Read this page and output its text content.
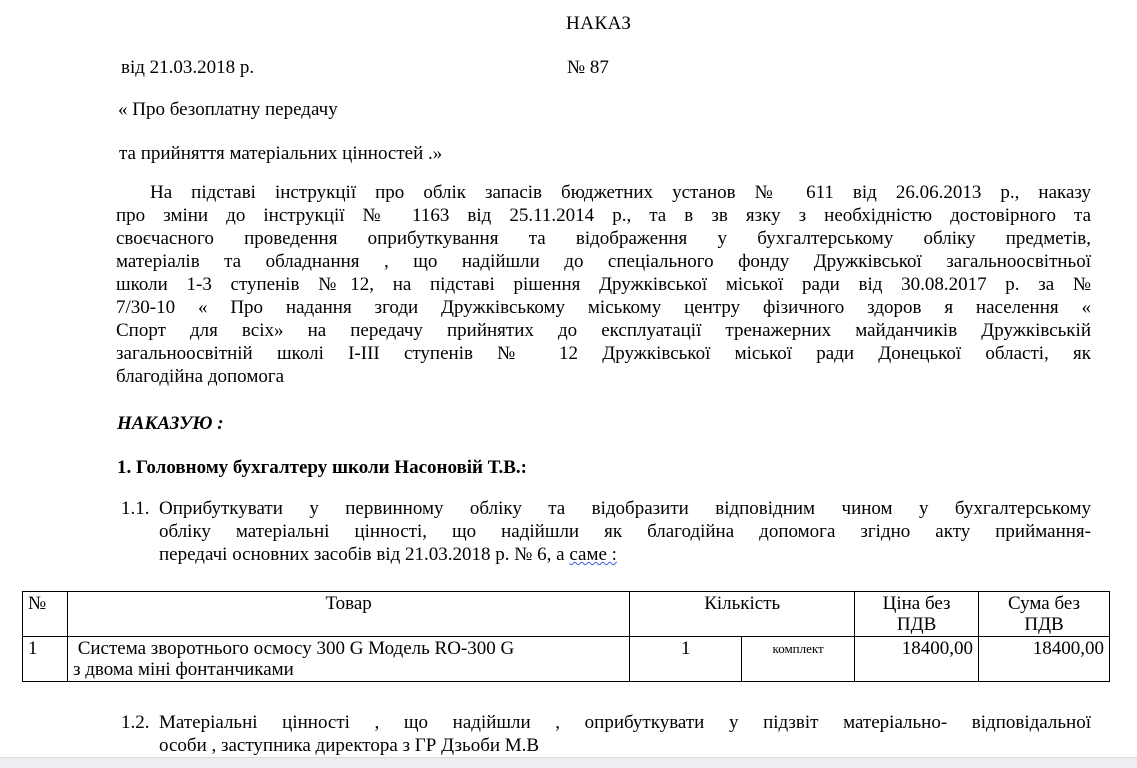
НАКАЗ
від 21.03.2018 р.	№ 87
« Про безоплатну передачу
та прийняття матеріальних цінностей .»
На підставі інструкції про облік запасів бюджетних установ № 611 від 26.06.2013 р., наказу
про зміни до інструкції № 1163 від 25.11.2014 р., та в зв язку з необхідністю достовірного та
своєчасного проведення оприбуткування та відображення у бухгалтерському обліку предметів,
матеріалів та обладнання , що надійшли до спеціального фонду Дружківської загальноосвітньої
школи 1-3 ступенів №12, на підставі рішення Дружківської міської ради від 30.08.2017 р. за №
7/30-10 « Про надання згоди Дружківському міському центру фізичного здоров я населення «
Спорт для всіх» на передачу прийнятих до експлуатації тренажерних майданчиків Дружківській
загальноосвітній школі І-ІІІ ступенів № 12 Дружківської міської ради Донецької області, як
благодійна допомога
НАКАЗУЮ :
1. Головному бухгалтеру школи Насоновій Т.В.:
1.1. Оприбуткувати у первинному обліку та відобразити відповідним чином у бухгалтерському
обліку матеріальні цінності, що надійшли як благодійна допомога згідно акту приймання-
передачі основних засобів від 21.03.2018 р. № 6, а саме :
№	Товар	Кількість		Ціна без
ПДВ	Сума без
ПДВ
1	Система зворотнього осмосу 300 G Модель RO-300 G
з двома міні фонтанчиками	1	комплект	18400,00	18400,00
1.2. Матеріальні цінності , що надійшли , оприбуткувати у підзвіт матеріально- відповідальної
особи , заступника директора з ГР Дзьоби М.В
